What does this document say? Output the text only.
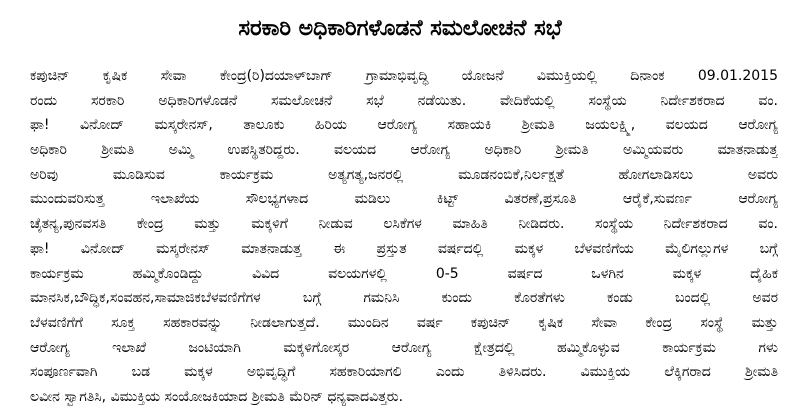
ಸರಕಾರಿ ಅಧಿಕಾರಿಗಳೊಡನೆ ಸಮಲೋಚನೆ ಸಭೆ
ಕಪುಚಿನ್ ಕೃಷಿಕ ಸೇವಾ ಕೇಂದ್ರ(ರಿ)ದಯಾಳ್‌ಬಾಗ್ ಗ್ರಾಮಾಭಿವೃದ್ಧಿ ಯೋಜನೆ ವಿಮುಕ್ತಿಯಲ್ಲಿ ದಿನಾಂಕ 09.01.2015
ರಂದು ಸರಕಾರಿ ಅಧಿಕಾರಿಗಳೊಡನೆ ಸಮಲೋಚನೆ ಸಭೆ ನಡೆಯಿತು. ವೇದಿಕೆಯಲ್ಲಿ ಸಂಸ್ಥೆಯ ನಿರ್ದೇಶಕರಾದ ವಂ.
ಫಾ! ವಿನೋದ್ ಮಸ್ಕರೇನಸ್, ತಾಲೂಕು ಹಿರಿಯ ಆರೋಗ್ಯ ಸಹಾಯಕಿ ಶ್ರೀಮತಿ ಜಯಲಕ್ಷ್ಮಿ, ವಲಯದ ಆರೋಗ್ಯ
ಅಧಿಕಾರಿ ಶ್ರೀಮತಿ ಅಮ್ಮಿ ಉಪಸ್ಥಿತರಿದ್ದರು. ವಲಯದ ಆರೋಗ್ಯ ಅಧಿಕಾರಿ ಶ್ರೀಮತಿ ಅಮ್ಮಿಯವರು ಮಾತನಾಡುತ್ತ
ಅರಿವು ಮೂಡಿಸುವ ಕಾರ್ಯಕ್ರಮ ಅತ್ಯಗತ್ಯ,ಜನರಲ್ಲಿ ಮೂಡನಂಬಿಕೆ,ನಿರ್ಲಕ್ಷತೆ ಹೋಗಲಾಡಿಸಲು ಅವರು
ಮುಂದುವರಿಸುತ್ತ ಇಲಾಖೆಯ ಸೌಲಭ್ಯಗಳಾದ ಮಡಿಲು ಕಿಟ್ಟ್ ವಿತರಣೆ,ಪ್ರಸೂತಿ ಆರೈಕೆ,ಸುವರ್ಣ ಆರೋಗ್ಯ
ಚೈತನ್ಯ,ಪುನವಸತಿ ಕೇಂದ್ರ ಮತ್ತು ಮಕ್ಕಳಿಗೆ ನೀಡುವ ಲಸಿಕೆಗಳ ಮಾಹಿತಿ ನೀಡಿದರು. ಸಂಸ್ಥೆಯ ನಿರ್ದೇಶಕರಾದ ವಂ.
ಫಾ! ವಿನೋದ್ ಮಸ್ಕರೇನಸ್ ಮಾತನಾಡುತ್ತ ಈ ಪ್ರಸ್ತುತ ವರ್ಷದಲ್ಲಿ ಮಕ್ಕಳ ಬೆಳವಣಿಗೆಯ ಮೈಲಿಗಲ್ಲುಗಳ ಬಗ್ಗೆ
ಕಾರ್ಯಕ್ರಮ ಹಮ್ಮಿಕೊಂಡಿದ್ದು ವಿವಿದ ವಲಯಗಳಲ್ಲಿ 0-5 ವರ್ಷದ ಒಳಗಿನ ಮಕ್ಕಳ ದೈಹಿಕ
ಮಾನಸಿಕ,ಬೌದ್ಧಿಕ,ಸಂವಹನ,ಸಾಮಾಜಿಕಬೆಳವಣಿಗೆಗಳ ಬಗ್ಗೆ ಗಮನಿಸಿ ಕುಂದು ಕೊರತೆಗಳು ಕಂಡು ಬಂದಲ್ಲಿ ಅವರ
ಬೆಳವಣಿಗೆಗೆ ಸೂಕ್ತ ಸಹಕಾರವನ್ನು ನೀಡಲಾಗುತ್ತದೆ. ಮುಂದಿನ ವರ್ಷ ಕಪುಚಿನ್ ಕೃಷಿಕ ಸೇವಾ ಕೇಂದ್ರ ಸಂಸ್ಥೆ ಮತ್ತು
ಆರೋಗ್ಯ ಇಲಾಖೆ ಜಂಟಿಯಾಗಿ ಮಕ್ಕಳಿಗೋಸ್ಕರ ಆರೋಗ್ಯ ಕ್ಷೇತ್ರದಲ್ಲಿ ಹಮ್ಮಿಕೊಳ್ಳುವ ಕಾರ್ಯಕ್ರಮ ಗಳು
ಸಂಪೂರ್ಣವಾಗಿ ಬಡ ಮಕ್ಕಳ ಅಭಿವೃದ್ಧಿಗೆ ಸಹಕಾರಿಯಾಗಲಿ ಎಂದು ತಿಳಿಸಿದರು. ವಿಮುಕ್ತಿಯ ಲೆಕ್ಕಿಗರಾದ ಶ್ರೀಮತಿ
ಲವೀನ ಸ್ವಾಗತಿಸಿ, ವಿಮುಕ್ತಿಯ ಸಂಯೋಜಕಿಯಾದ ಶ್ರೀಮತಿ ಮೆರಿನ್ ಧನ್ಯವಾದವಿತ್ತರು.
